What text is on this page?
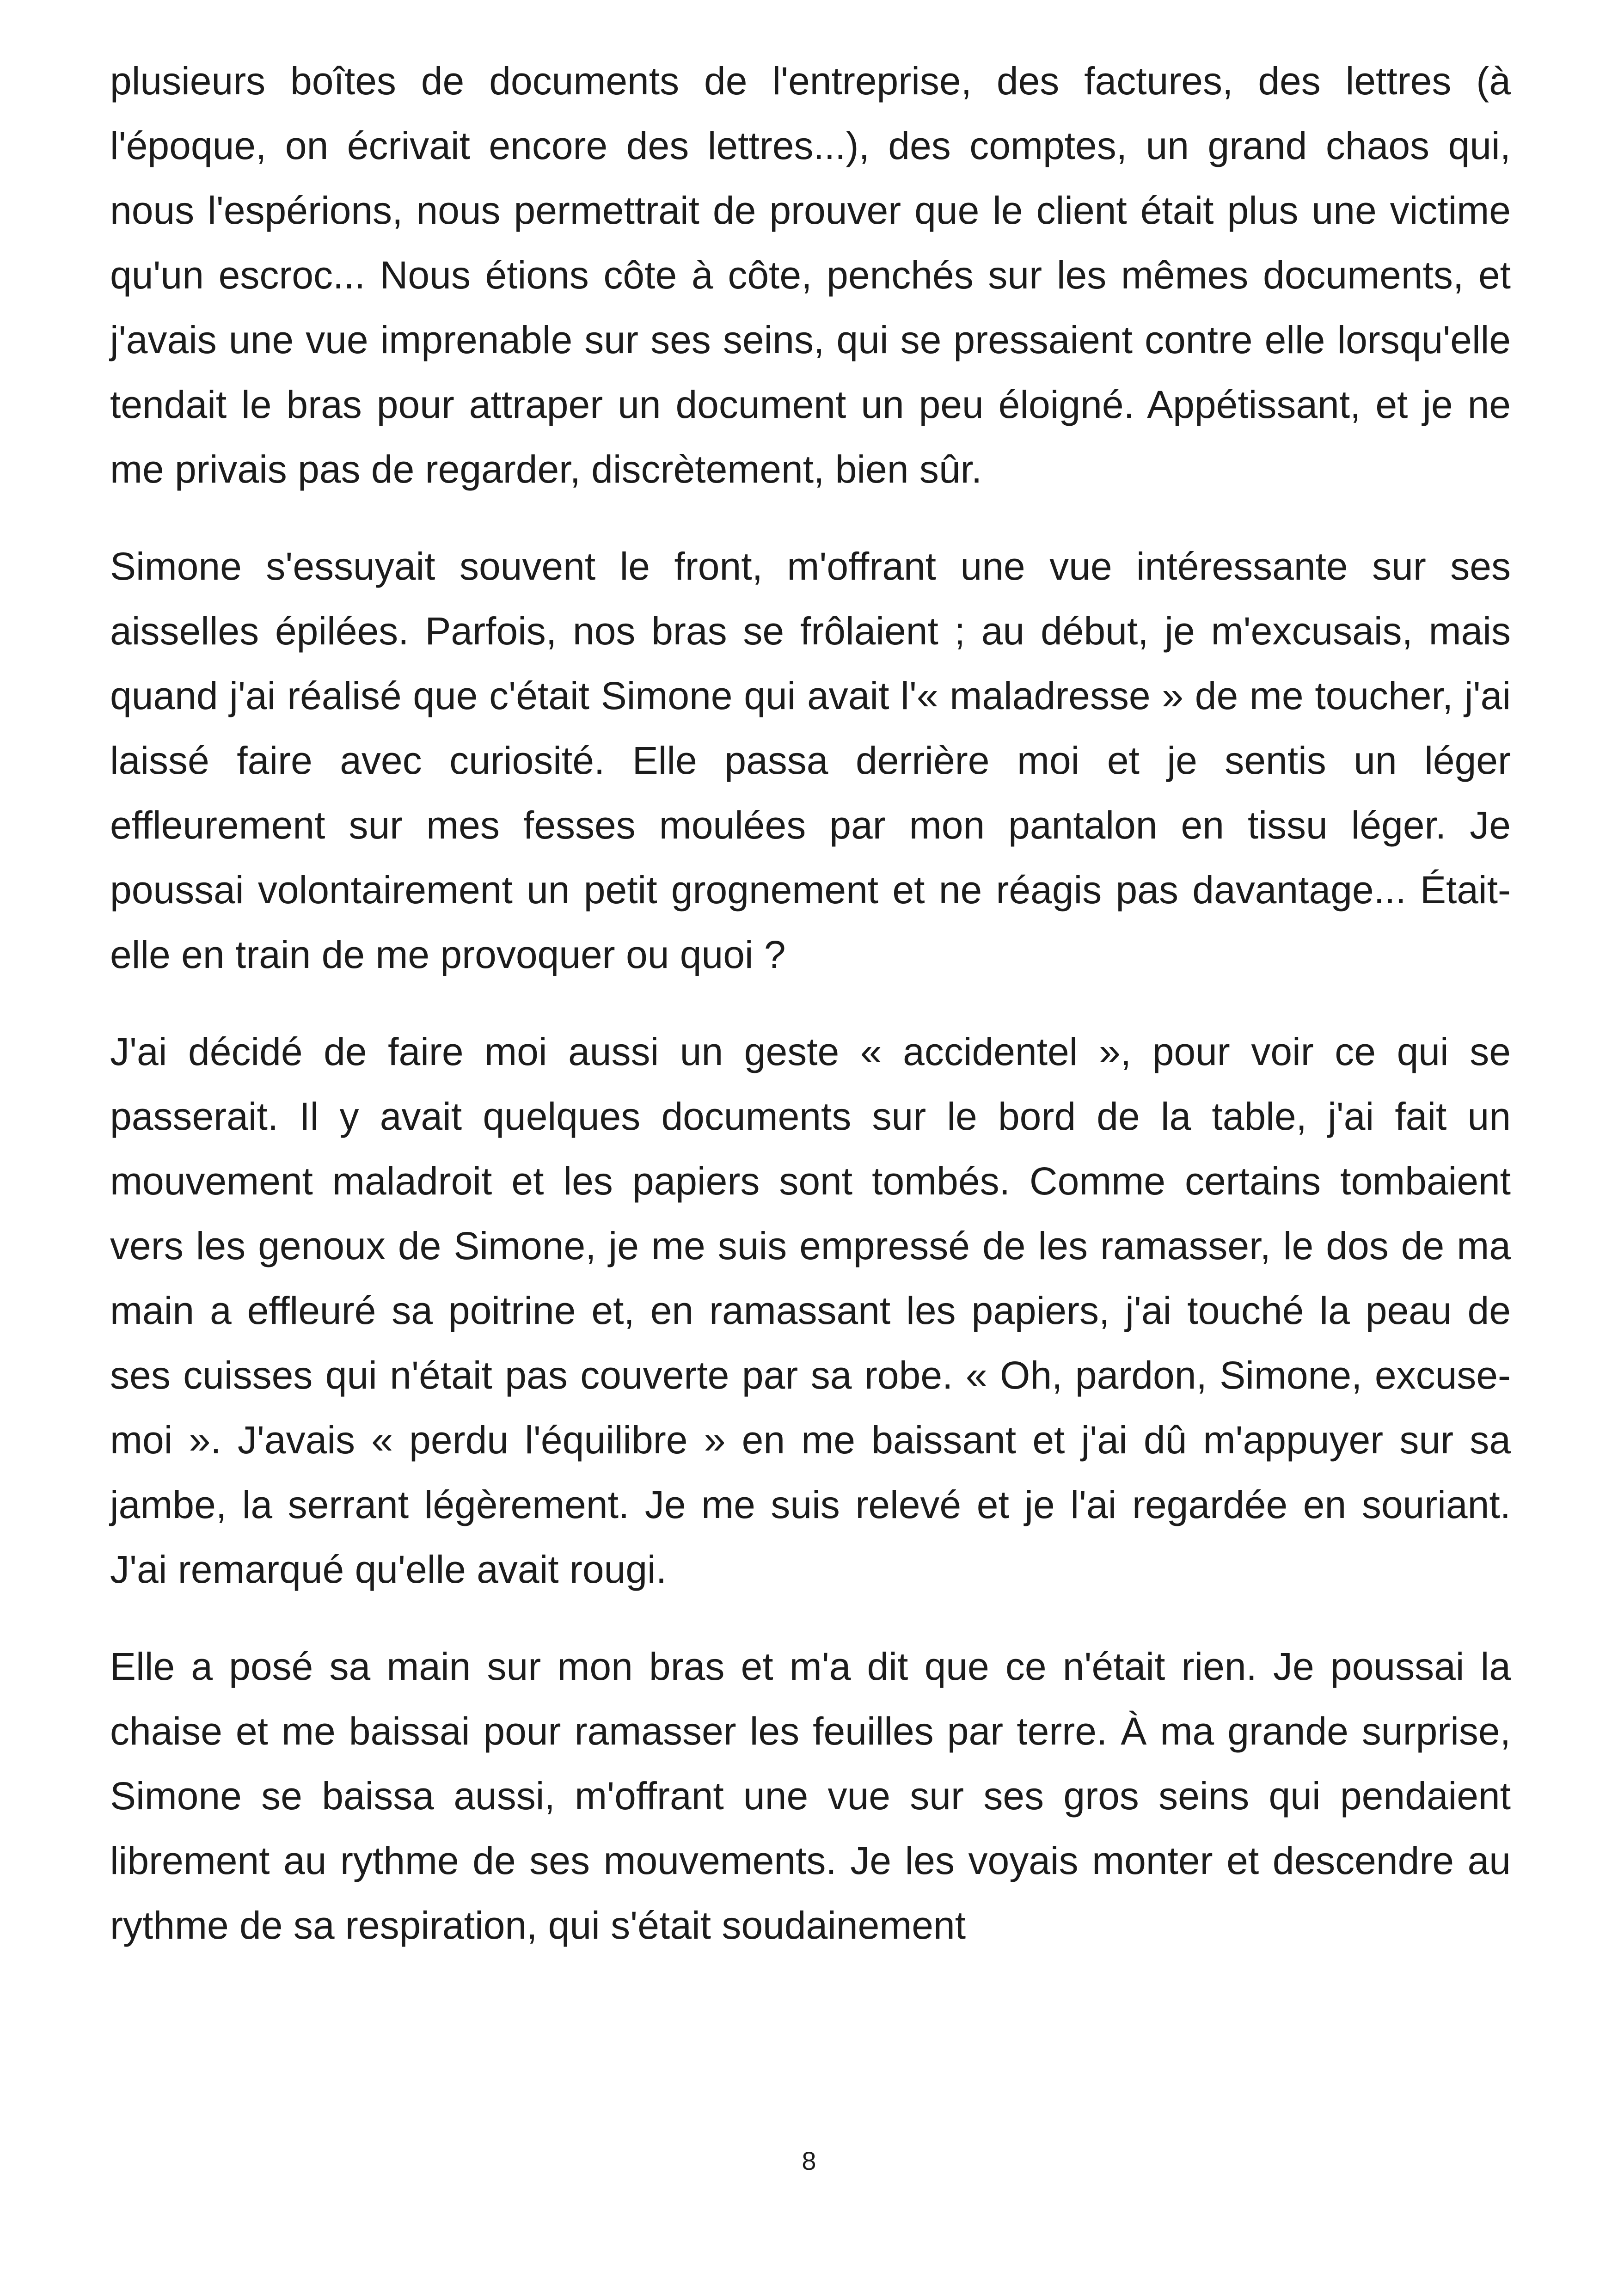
plusieurs boîtes de documents de l'entreprise, des factures, des lettres (à l'époque, on écrivait encore des lettres...), des comptes, un grand chaos qui, nous l'espérions, nous permettrait de prouver que le client était plus une victime qu'un escroc... Nous étions côte à côte, penchés sur les mêmes documents, et j'avais une vue imprenable sur ses seins, qui se pressaient contre elle lorsqu'elle tendait le bras pour attraper un document un peu éloigné. Appétissant, et je ne me privais pas de regarder, discrètement, bien sûr.

Simone s'essuyait souvent le front, m'offrant une vue intéressante sur ses aisselles épilées. Parfois, nos bras se frôlaient ; au début, je m'excusais, mais quand j'ai réalisé que c'était Simone qui avait l'« maladresse » de me toucher, j'ai laissé faire avec curiosité. Elle passa derrière moi et je sentis un léger effleurement sur mes fesses moulées par mon pantalon en tissu léger. Je poussai volontairement un petit grognement et ne réagis pas davantage... Était-elle en train de me provoquer ou quoi ?

J'ai décidé de faire moi aussi un geste « accidentel », pour voir ce qui se passerait. Il y avait quelques documents sur le bord de la table, j'ai fait un mouvement maladroit et les papiers sont tombés. Comme certains tombaient vers les genoux de Simone, je me suis empressé de les ramasser, le dos de ma main a effleuré sa poitrine et, en ramassant les papiers, j'ai touché la peau de ses cuisses qui n'était pas couverte par sa robe. « Oh, pardon, Simone, excuse-moi ». J'avais « perdu l'équilibre » en me baissant et j'ai dû m'appuyer sur sa jambe, la serrant légèrement. Je me suis relevé et je l'ai regardée en souriant. J'ai remarqué qu'elle avait rougi.

Elle a posé sa main sur mon bras et m'a dit que ce n'était rien. Je poussai la chaise et me baissai pour ramasser les feuilles par terre. À ma grande surprise, Simone se baissa aussi, m'offrant une vue sur ses gros seins qui pendaient librement au rythme de ses mouvements. Je les voyais monter et descendre au rythme de sa respiration, qui s'était soudainement

8
